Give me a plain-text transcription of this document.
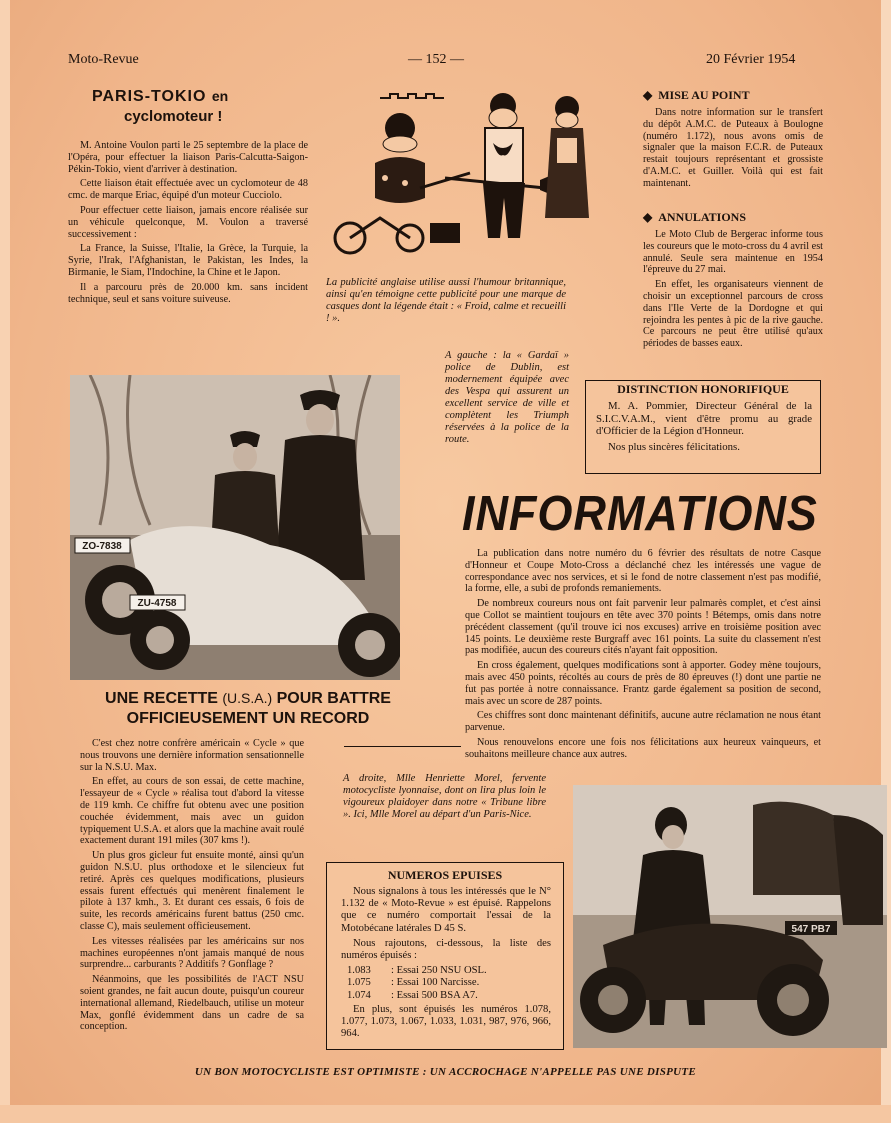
Moto-Revue	— 152 —	20 Février 1954
PARIS-TOKIO en
cyclomoteur !

M. Antoine Voulon parti le 25 septembre de la place de l'Opéra, pour effectuer la liaison Paris-Calcutta-Saigon-Pékin-Tokio, vient d'arriver à destination.

Cette liaison était effectuée avec un cyclomoteur de 48 cmc. de marque Eriac, équipé d'un moteur Cucciolo.

Pour effectuer cette liaison, jamais encore réalisée sur un véhicule quelconque, M. Voulon a traversé successivement :

La France, la Suisse, l'Italie, la Grèce, la Turquie, la Syrie, l'Irak, l'Afghanistan, le Pakistan, les Indes, la Birmanie, le Siam, l'Indochine, la Chine et le Japon.

Il a parcouru près de 20.000 km. sans incident technique, seul et sans voiture suiveuse.

La publicité anglaise utilise aussi l'humour britannique, ainsi qu'en témoigne cette publicité pour une marque de casques dont la légende était : « Froid, calme et recueilli ! ».
◆ MISE AU POINT

Dans notre information sur le transfert du dépôt A.M.C. de Puteaux à Boulogne (numéro 1.172), nous avons omis de signaler que la maison F.C.R. de Puteaux restait toujours représentant et grossiste d'A.M.C. et Guiller. Voilà qui est fait maintenant.

◆ ANNULATIONS

Le Moto Club de Bergerac informe tous les coureurs que le moto-cross du 4 avril est annulé. Seule sera maintenue en 1954 l'épreuve du 27 mai.

En effet, les organisateurs viennent de choisir un exceptionnel parcours de cross dans l'Ile Verte de la Dordogne et qui rejoindra les pentes à pic de la rive gauche. Ce parcours ne peut être utilisé qu'aux périodes de basses eaux.

ZO-7838
ZU-4758
A gauche : la « Gardaï » police de Dublin, est modernement équipée avec des Vespa qui assurent un excellent service de ville et complètent les Triumph réservées à la police de la route.
DISTINCTION HONORIFIQUE

M. A. Pommier, Directeur Général de la S.I.C.V.A.M., vient d'être promu au grade d'Officier de la Légion d'Honneur.

Nos plus sincères félicitations.

INFORMATIONS

La publication dans notre numéro du 6 février des résultats de notre Casque d'Honneur et Coupe Moto-Cross a déclanché chez les intéressés une vague de correspondance avec nos services, et si le fond de notre classement n'est pas modifié, la forme, elle, a subi de profonds remaniements.

De nombreux coureurs nous ont fait parvenir leur palmarès complet, et c'est ainsi que Collot se maintient toujours en tête avec 370 points ! Bétemps, omis dans notre précédent classement (qu'il trouve ici nos excuses) arrive en troisième position avec 145 points. Le deuxième reste Burgraff avec 161 points. La suite du classement n'est pas modifiée, aucun des coureurs cités n'ayant fait opposition.

En cross également, quelques modifications sont à apporter. Godey mène toujours, mais avec 450 points, récoltés au cours de près de 80 épreuves (!) dont une partie ne fut pas portée à notre connaissance. Frantz garde également sa position de second, mais avec un score de 287 points.

Ces chiffres sont donc maintenant définitifs, aucune autre réclamation ne nous étant parvenue.

Nous renouvelons encore une fois nos félicitations aux heureux vainqueurs, et souhaitons meilleure chance aux autres.

UNE RECETTE (U.S.A.) POUR BATTRE
OFFICIEUSEMENT UN RECORD

C'est chez notre confrère américain « Cycle » que nous trouvons une dernière information sensationnelle sur la N.S.U. Max.

En effet, au cours de son essai, de cette machine, l'essayeur de « Cycle » réalisa tout d'abord la vitesse de 119 kmh. Ce chiffre fut obtenu avec une position couchée évidemment, mais avec un guidon typiquement U.S.A. et alors que la machine avait roulé exactement durant 191 miles (307 kms !).

Un plus gros gicleur fut ensuite monté, ainsi qu'un guidon N.S.U. plus orthodoxe et le silencieux fut retiré. Après ces quelques modifications, plusieurs essais furent effectués qui menèrent finalement le pilote à 137 kmh., 3. Et durant ces essais, 6 fois de suite, les records américains furent battus (250 cmc. classe C), mais seulement officieusement.

Les vitesses réalisées par les américains sur nos machines européennes n'ont jamais manqué de nous surprendre... carburants ? Additifs ? Gonflage ?

Néanmoins, que les possibilités de l'ACT NSU soient grandes, ne fait aucun doute, puisqu'un coureur international allemand, Riedelbauch, utilise un moteur Max, gonflé évidemment dans un cadre de sa conception.

A droite, Mlle Henriette Morel, fervente motocycliste lyonnaise, dont on lira plus loin le vigoureux plaidoyer dans notre « Tribune libre ». Ici, Mlle Morel au départ d'un Paris-Nice.
NUMEROS EPUISES

Nous signalons à tous les intéressés que le N° 1.132 de « Moto-Revue » est épuisé. Rappelons que ce numéro comportait l'essai de la Motobécane latérales D 45 S.

Nous rajoutons, ci-dessous, la liste des numéros épuisés :

1.083	: Essai 250 NSU OSL.
1.075	: Essai 100 Narcisse.
1.074	: Essai 500 BSA A7.

En plus, sont épuisés les numéros 1.078, 1.077, 1.073, 1.067, 1.033, 1.031, 987, 976, 966, 964.

547 PB7
UN BON MOTOCYCLISTE EST OPTIMISTE : UN ACCROCHAGE N'APPELLE PAS UNE DISPUTE
